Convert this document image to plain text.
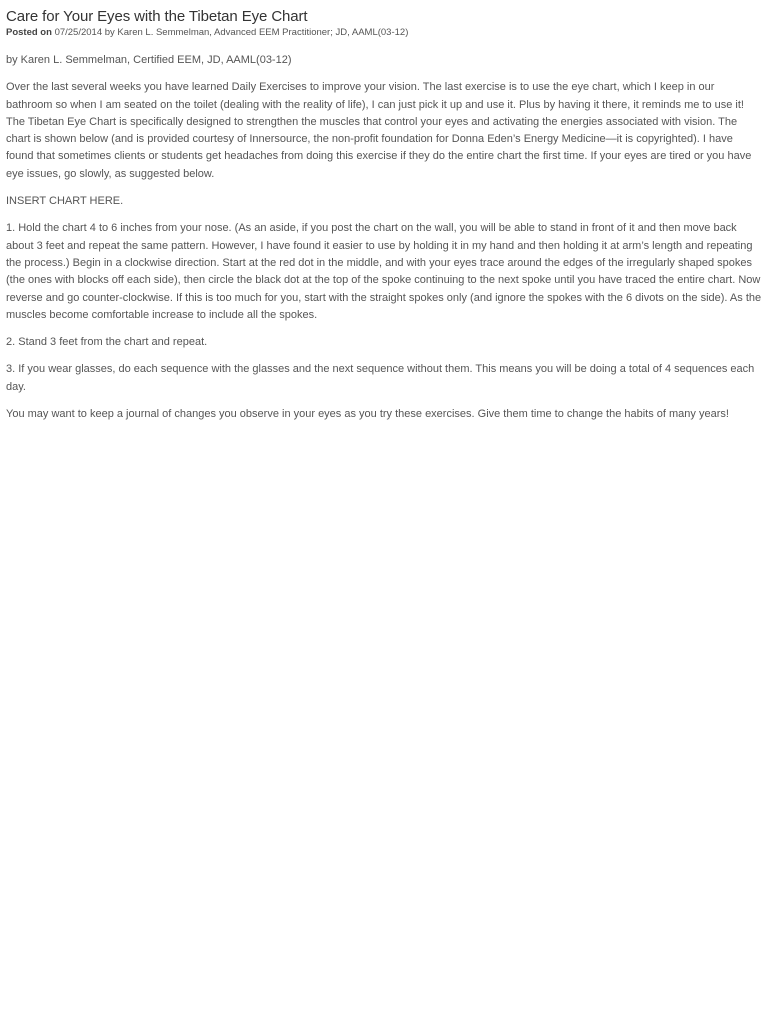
Care for Your Eyes with the Tibetan Eye Chart
Posted on 07/25/2014 by Karen L. Semmelman, Advanced EEM Practitioner; JD, AAML(03-12)

by Karen L. Semmelman, Certified EEM, JD, AAML(03-12)

Over the last several weeks you have learned Daily Exercises to improve your vision. The last exercise is to use the eye chart, which I keep in our bathroom so when I am seated on the toilet (dealing with the reality of life), I can just pick it up and use it. Plus by having it there, it reminds me to use it! The Tibetan Eye Chart is specifically designed to strengthen the muscles that control your eyes and activating the energies associated with vision. The chart is shown below (and is provided courtesy of Innersource, the non-profit foundation for Donna Eden’s Energy Medicine—it is copyrighted). I have found that sometimes clients or students get headaches from doing this exercise if they do the entire chart the first time. If your eyes are tired or you have eye issues, go slowly, as suggested below.

INSERT CHART HERE.

1. Hold the chart 4 to 6 inches from your nose. (As an aside, if you post the chart on the wall, you will be able to stand in front of it and then move back about 3 feet and repeat the same pattern. However, I have found it easier to use by holding it in my hand and then holding it at arm’s length and repeating the process.) Begin in a clockwise direction. Start at the red dot in the middle, and with your eyes trace around the edges of the irregularly shaped spokes (the ones with blocks off each side), then circle the black dot at the top of the spoke continuing to the next spoke until you have traced the entire chart. Now reverse and go counter-clockwise. If this is too much for you, start with the straight spokes only (and ignore the spokes with the 6 divots on the side). As the muscles become comfortable increase to include all the spokes.

2. Stand 3 feet from the chart and repeat.

3. If you wear glasses, do each sequence with the glasses and the next sequence without them. This means you will be doing a total of 4 sequences each day.

You may want to keep a journal of changes you observe in your eyes as you try these exercises. Give them time to change the habits of many years!
